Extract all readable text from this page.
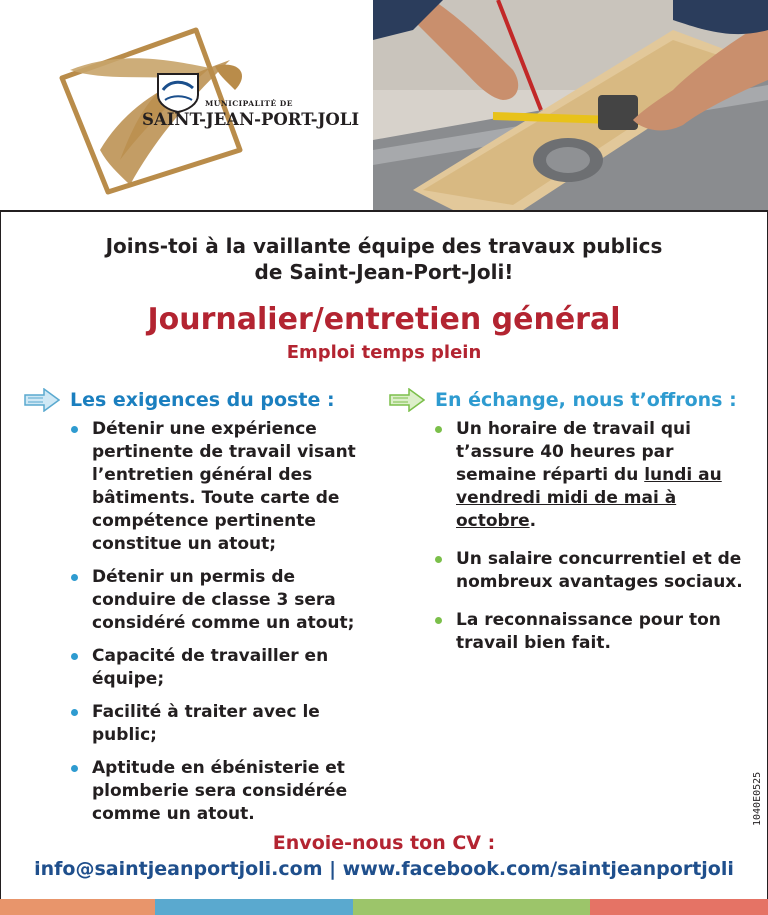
MUNICIPALITÉ DE
SAINT-JEAN-PORT-JOLI
Joins-toi à la vaillante équipe des travaux publics
de Saint-Jean-Port-Joli!
Journalier/entretien général
Emploi temps plein
Les exigences du poste :	En échange, nous t’offrons :
Détenir une expérience pertinente de travail visant l’entretien général des bâtiments. Toute carte de compétence pertinente constitue un atout;
Détenir un permis de conduire de classe 3 sera considéré comme un atout;
Capacité de travailler en équipe;
Facilité à traiter avec le public;
Aptitude en ébénisterie et plomberie sera considérée comme un atout.
Un horaire de travail qui t’assure 40 heures par semaine réparti du lundi au vendredi midi de mai à octobre.
Un salaire concurrentiel et de nombreux avantages sociaux.
La reconnaissance pour ton travail bien fait.
1040E0525
Envoie-nous ton CV :
info@saintjeanportjoli.com | www.facebook.com/saintjeanportjoli
